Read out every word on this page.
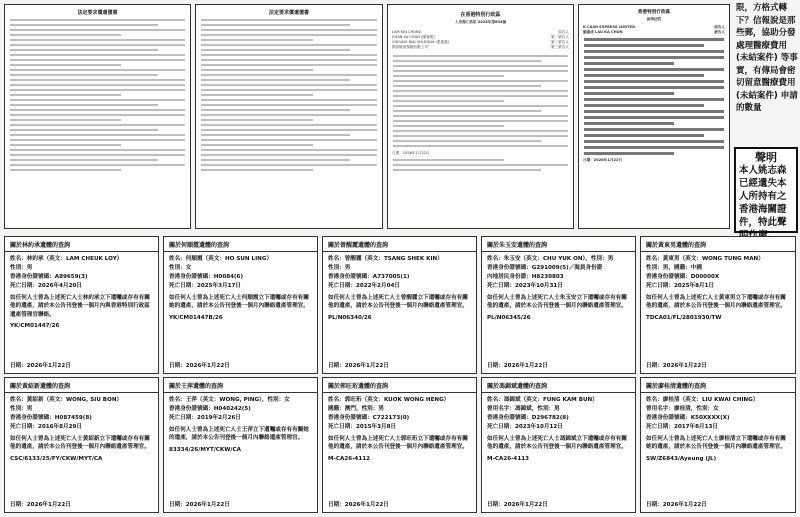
法定要求償還債書	法定要求償還債書	在香港特別行政區
人身傷亡訴訟 2024年第804號
LAM KIN CHUNG	原告人
CHAN KA CHUN (陳嘉俊)	第一被告人
CHEUNG WAI CHI EDNA (張惠慈)	第二被告人
國泰財產保險有限公司	第三被告人
日期：2026年1月22日
香港特別行政區
區域法院
K CASH EXPRESS LIMITED	原告人
劉嘉成 LAU KA CHUN	被告人
日期：2026年1月22日
限，方格式轉下？信報說是那些郵，協助分發處理醫療費用 (未結案件) 等事實，有傳局會密切留意醫療費用 (未結案件) 申請的數量
聲明
本人姚志森已經遺失本人所持有之香港海關證件，特此聲
關於林約承遺體的查詢
姓名：林約承（英文：LAM CHEUK LOY）
性別：男
香港身份證號碼：A89659(3)
死亡日期：2026年4月20日
如任何人士曾為上述死亡人士林約承立下遺囑或存有有關他的遺產，請於本公告刊登後一個月內與香港特別行政區遺產管理官聯絡。
YK/CM01447/26
日期：2026年1月22日
關於何順霞遺體的查詢
姓名：何順霞（英文：HO SUN LING）
性別：女
香港身份證號碼：H0084(6)
死亡日期：2025年3月17日
如任何人士曾為上述死亡人士何順霞立下遺囑或存有有關她的遺產，請於本公告刊登後一個月內聯絡遺產管理官。
YK/CM01447B/26
日期：2026年1月22日
關於曾醒麗遺體的查詢
姓名：曾醒麗（英文：TSANG SHEK KIN）
性別：男
香港身份證號碼：A737005(1)
死亡日期：2022年2月04日
如任何人士曾為上述死亡人士曾醒麗立下遺囑或存有有關他的遺產，請於本公告刊登後一個月內聯絡遺產管理官。
PL/N06340/26
日期：2026年1月22日
關於朱玉安遺體的查詢
姓名：朱玉安（英文：CHU YUK ON），性別：男
香港身份證號碼：G291009(5)／海員身份證
內地居民身份證：H8230803
死亡日期：2023年10月31日
如任何人士曾為上述死亡人士朱玉安立下遺囑或存有有關他的遺產，請於本公告刊登後一個月內聯絡遺產管理官。
PL/N06345/26
日期：2026年1月22日
關於黃東男遺體的查詢
姓名：黃東男（英文：WONG TUNG MAN）
性別：男，國籍：中國
香港身份證號碼：D00000X
死亡日期：2025年8月1日
如任何人士曾為上述死亡人士黃東男立下遺囑或存有有關他的遺產，請於本公告刊登後一個月內聯絡遺產管理官。
TDCA01/FL/2801930/TW
日期：2026年1月22日
關於黃紹新遺體的查詢
姓名：黃紹新（英文：WONG, SIU BON）
性別：男
香港身份證號碼：H087459(8)
死亡日期：2016年8月29日
如任何人士曾為上述死亡人士黃紹新立下遺囑或存有有關他的遺產，請於本公告刊登後一個月內聯絡遺產管理官。
CSC/6133/25/FY/CKW/MYT/CA
日期：2026年1月22日
關於王萍遺體的查詢
姓名：王萍（英文：WONG, PING），性別：女
香港身份證號碼：H040242(5)
死亡日期：2019年2月26日
如任何人士曾為上述死亡人士王萍立下遺囑或存有有關她的遺產，請於本公告刊登後一個月內聯絡遺產管理官。
83334/26/MYT/CKW/CA
日期：2026年1月22日
關於郭旺珩遺體的查詢
姓名：郭旺珩（英文：KUOK WONG HENG）
國籍：澳門，性別：男
香港身份證號碼：C722173(0)
死亡日期：2015年3月8日
如任何人士曾為上述死亡人士郭旺珩立下遺囑或存有有關他的遺產，請於本公告刊登後一個月內聯絡遺產管理官。
M-CA26-4112
日期：2026年1月22日
關於馮錦斌遺體的查詢
姓名：馮錦斌（英文：FUNG KAM BUN）
曾用名字：馮錦斌，性別：男
香港身份證號碼：D296782(8)
死亡日期：2023年10月12日
如任何人士曾為上述死亡人士馮錦斌立下遺囑或存有有關他的遺產，請於本公告刊登後一個月內聯絡遺產管理官。
M-CA26-4113
日期：2026年1月22日
關於廖桂清遺體的查詢
姓名：廖桂清（英文：LIU KWAI CHING）
曾用名字：廖桂清，性別：女
香港身份證號碼：K50XXXX(X)
死亡日期：2017年8月13日
如任何人士曾為上述死亡人士廖桂清立下遺囑或存有有關她的遺產，請於本公告刊登後一個月內聯絡遺產管理官。
SW/Z6843/Ayeung (JL)
日期：2026年1月22日
